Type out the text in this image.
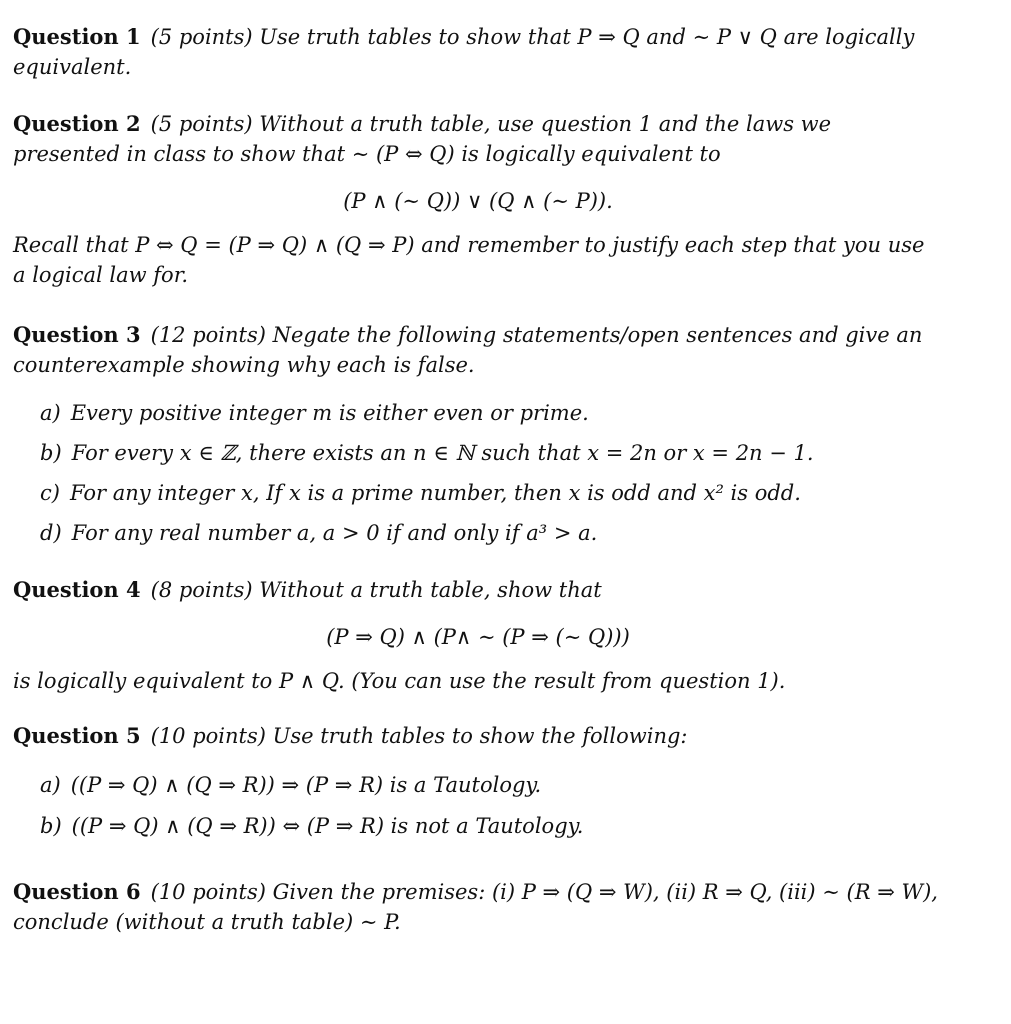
Question 1 (5 points) Use truth tables to show that P ⇒ Q and ∼ P ∨ Q are logically equivalent.

Question 2 (5 points) Without a truth table, use question 1 and the laws we presented in class to show that ∼ (P ⇔ Q) is logically equivalent to

(P ∧ (∼ Q)) ∨ (Q ∧ (∼ P)).

Recall that P ⇔ Q = (P ⇒ Q) ∧ (Q ⇒ P) and remember to justify each step that you use a logical law for.

Question 3 (12 points) Negate the following statements/open sentences and give an counterexample showing why each is false.

a) Every positive integer m is either even or prime.
b) For every x ∈ ℤ, there exists an n ∈ ℕ such that x = 2n or x = 2n − 1.
c) For any integer x, If x is a prime number, then x is odd and x² is odd.
d) For any real number a, a > 0 if and only if a³ > a.

Question 4 (8 points) Without a truth table, show that

(P ⇒ Q) ∧ (P∧ ∼ (P ⇒ (∼ Q)))

is logically equivalent to P ∧ Q. (You can use the result from question 1).

Question 5 (10 points) Use truth tables to show the following:

a) ((P ⇒ Q) ∧ (Q ⇒ R)) ⇒ (P ⇒ R) is a Tautology.
b) ((P ⇒ Q) ∧ (Q ⇒ R)) ⇔ (P ⇒ R) is not a Tautology.

Question 6 (10 points) Given the premises: (i) P ⇒ (Q ⇒ W), (ii) R ⇒ Q, (iii) ∼ (R ⇒ W), conclude (without a truth table) ∼ P.
